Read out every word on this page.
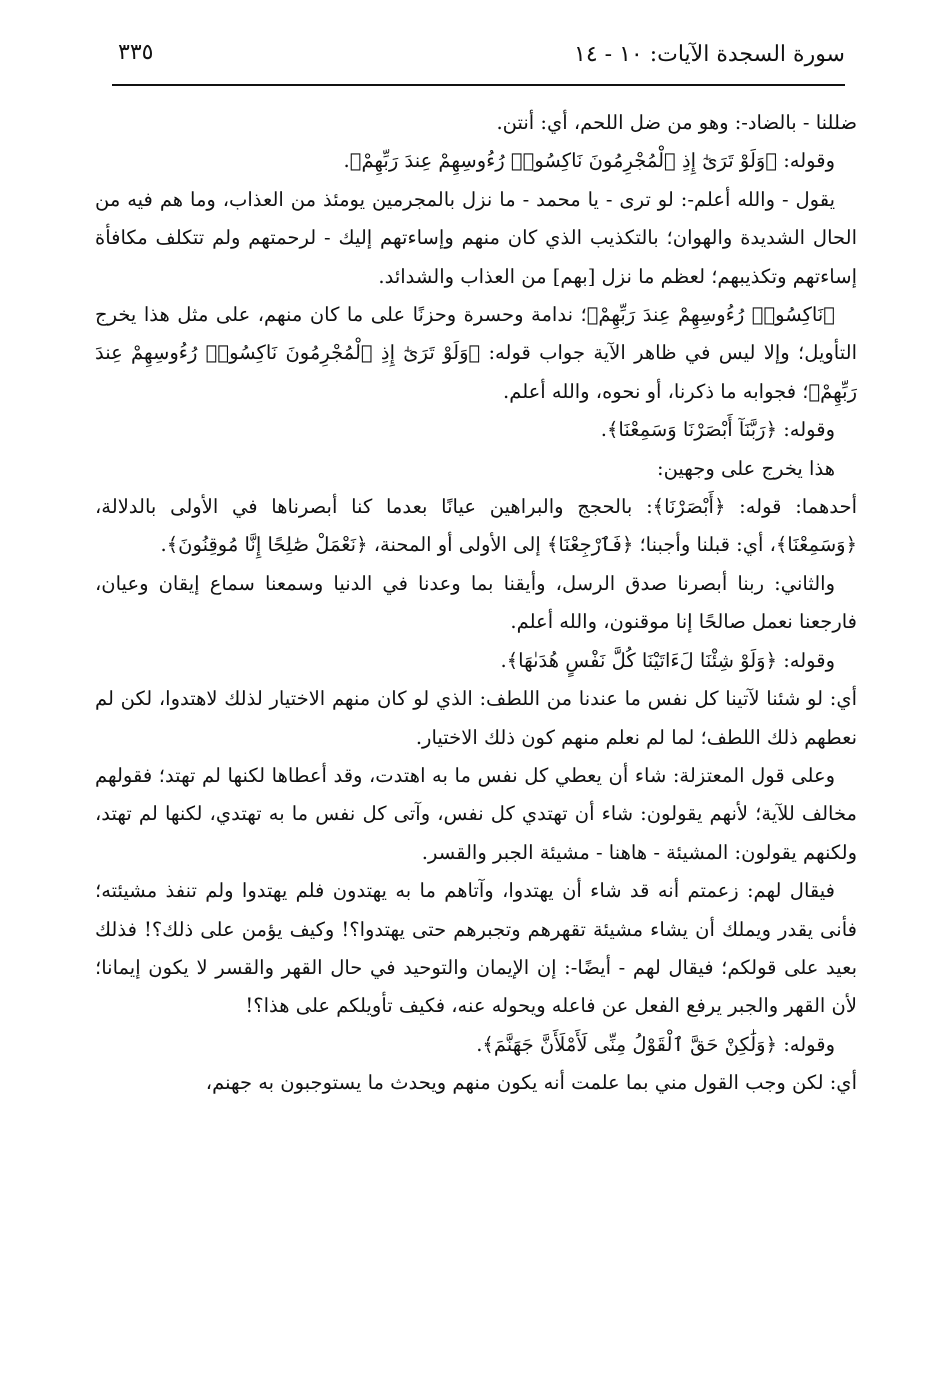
سورة السجدة الآيات: ١٠ - ١٤
٣٣٥

ضللنا - بالضاد-: وهو من ضل اللحم، أي: أنتن.

وقوله: ﴿وَلَوْ تَرَىٰٓ إِذِ ٱلْمُجْرِمُونَ نَاكِسُوا۟ رُءُوسِهِمْ عِندَ رَبِّهِمْ﴾.

يقول - والله أعلم-: لو ترى - يا محمد - ما نزل بالمجرمين يومئذ من العذاب، وما هم فيه من الحال الشديدة والهوان؛ بالتكذيب الذي كان منهم وإساءتهم إليك - لرحمتهم ولم تتكلف مكافأة إساءتهم وتكذيبهم؛ لعظم ما نزل [بهم] من العذاب والشدائد.

﴿نَاكِسُوا۟ رُءُوسِهِمْ عِندَ رَبِّهِمْ﴾؛ ندامة وحسرة وحزنًا على ما كان منهم، على مثل هذا يخرج التأويل؛ وإلا ليس في ظاهر الآية جواب قوله: ﴿وَلَوْ تَرَىٰٓ إِذِ ٱلْمُجْرِمُونَ نَاكِسُوا۟ رُءُوسِهِمْ عِندَ رَبِّهِمْ﴾؛ فجوابه ما ذكرنا، أو نحوه، والله أعلم.

وقوله: ﴿رَبَّنَآ أَبْصَرْنَا وَسَمِعْنَا﴾.

هذا يخرج على وجهين:

أحدهما: قوله: ﴿أَبْصَرْنَا﴾: بالحجج والبراهين عيانًا بعدما كنا أبصرناها في الأولى بالدلالة، ﴿وَسَمِعْنَا﴾، أي: قبلنا وأجبنا؛ ﴿فَٱرْجِعْنَا﴾ إلى الأولى أو المحنة، ﴿نَعْمَلْ صَٰلِحًا إِنَّا مُوقِنُونَ﴾.

والثاني: ربنا أبصرنا صدق الرسل، وأيقنا بما وعدنا في الدنيا وسمعنا سماع إيقان وعيان، فارجعنا نعمل صالحًا إنا موقنون، والله أعلم.

وقوله: ﴿وَلَوْ شِئْنَا لَءَاتَيْنَا كُلَّ نَفْسٍ هُدَىٰهَا﴾.

أي: لو شئنا لآتينا كل نفس ما عندنا من اللطف: الذي لو كان منهم الاختيار لذلك لاهتدوا، لكن لم نعطهم ذلك اللطف؛ لما لم نعلم منهم كون ذلك الاختيار.

وعلى قول المعتزلة: شاء أن يعطي كل نفس ما به اهتدت، وقد أعطاها لكنها لم تهتد؛ فقولهم مخالف للآية؛ لأنهم يقولون: شاء أن تهتدي كل نفس، وآتى كل نفس ما به تهتدي، لكنها لم تهتد، ولكنهم يقولون: المشيئة - هاهنا - مشيئة الجبر والقسر.

فيقال لهم: زعمتم أنه قد شاء أن يهتدوا، وآتاهم ما به يهتدون فلم يهتدوا ولم تنفذ مشيئته؛ فأنى يقدر ويملك أن يشاء مشيئة تقهرهم وتجبرهم حتى يهتدوا؟! وكيف يؤمن على ذلك؟! فذلك بعيد على قولكم؛ فيقال لهم - أيضًا-: إن الإيمان والتوحيد في حال القهر والقسر لا يكون إيمانا؛ لأن القهر والجبر يرفع الفعل عن فاعله ويحوله عنه، فكيف تأويلكم على هذا؟!

وقوله: ﴿وَلَٰكِنْ حَقَّ ٱلْقَوْلُ مِنِّى لَأَمْلَأَنَّ جَهَنَّمَ﴾.

أي: لكن وجب القول مني بما علمت أنه يكون منهم ويحدث ما يستوجبون به جهنم،
